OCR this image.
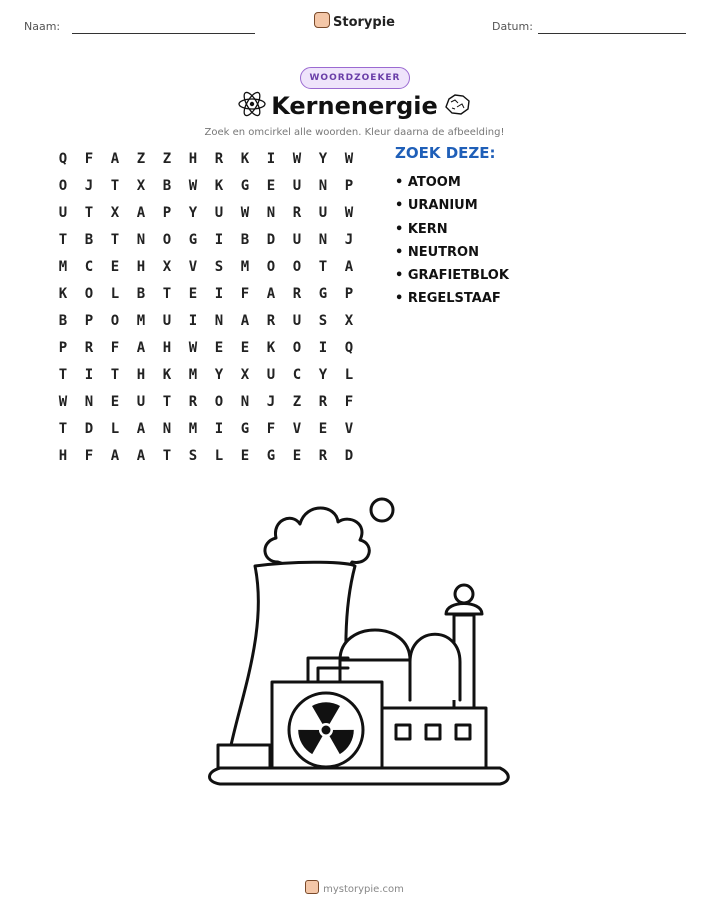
Naam:	Storypie	Datum:
WOORDZOEKER
Kernenergie
Zoek en omcirkel alle woorden. Kleur daarna de afbeelding!
Q	F	A	Z	Z	H	R	K	I	W	Y	W
O	J	T	X	B	W	K	G	E	U	N	P
U	T	X	A	P	Y	U	W	N	R	U	W
T	B	T	N	O	G	I	B	D	U	N	J
M	C	E	H	X	V	S	M	O	O	T	A
K	O	L	B	T	E	I	F	A	R	G	P
B	P	O	M	U	I	N	A	R	U	S	X
P	R	F	A	H	W	E	E	K	O	I	Q
T	I	T	H	K	M	Y	X	U	C	Y	L
W	N	E	U	T	R	O	N	J	Z	R	F
T	D	L	A	N	M	I	G	F	V	E	V
H	F	A	A	T	S	L	E	G	E	R	D
ZOEK DEZE:
• ATOOM
• URANIUM
• KERN
• NEUTRON
• GRAFIETBLOK
• REGELSTAAF
mystorypie.com
